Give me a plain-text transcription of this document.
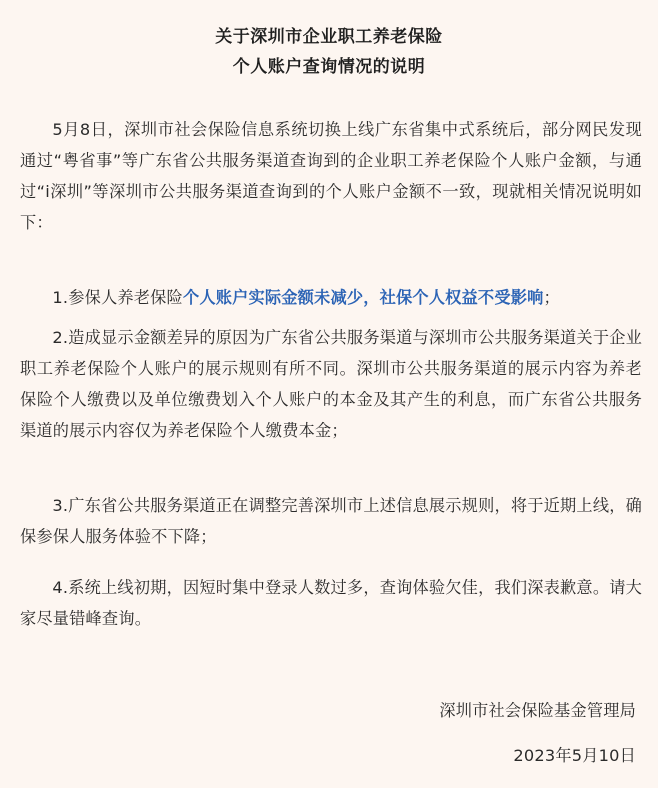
关于深圳市企业职工养老保险
个人账户查询情况的说明

5月8日，深圳市社会保险信息系统切换上线广东省集中式系统后，部分网民发现通过“粤省事”等广东省公共服务渠道查询到的企业职工养老保险个人账户金额，与通过“i深圳”等深圳市公共服务渠道查询到的个人账户金额不一致，现就相关情况说明如下：

1.参保人养老保险个人账户实际金额未减少，社保个人权益不受影响；

2.造成显示金额差异的原因为广东省公共服务渠道与深圳市公共服务渠道关于企业职工养老保险个人账户的展示规则有所不同。深圳市公共服务渠道的展示内容为养老保险个人缴费以及单位缴费划入个人账户的本金及其产生的利息，而广东省公共服务渠道的展示内容仅为养老保险个人缴费本金；

3.广东省公共服务渠道正在调整完善深圳市上述信息展示规则，将于近期上线，确保参保人服务体验不下降；

4.系统上线初期，因短时集中登录人数过多，查询体验欠佳，我们深表歉意。请大家尽量错峰查询。

深圳市社会保险基金管理局
2023年5月10日
